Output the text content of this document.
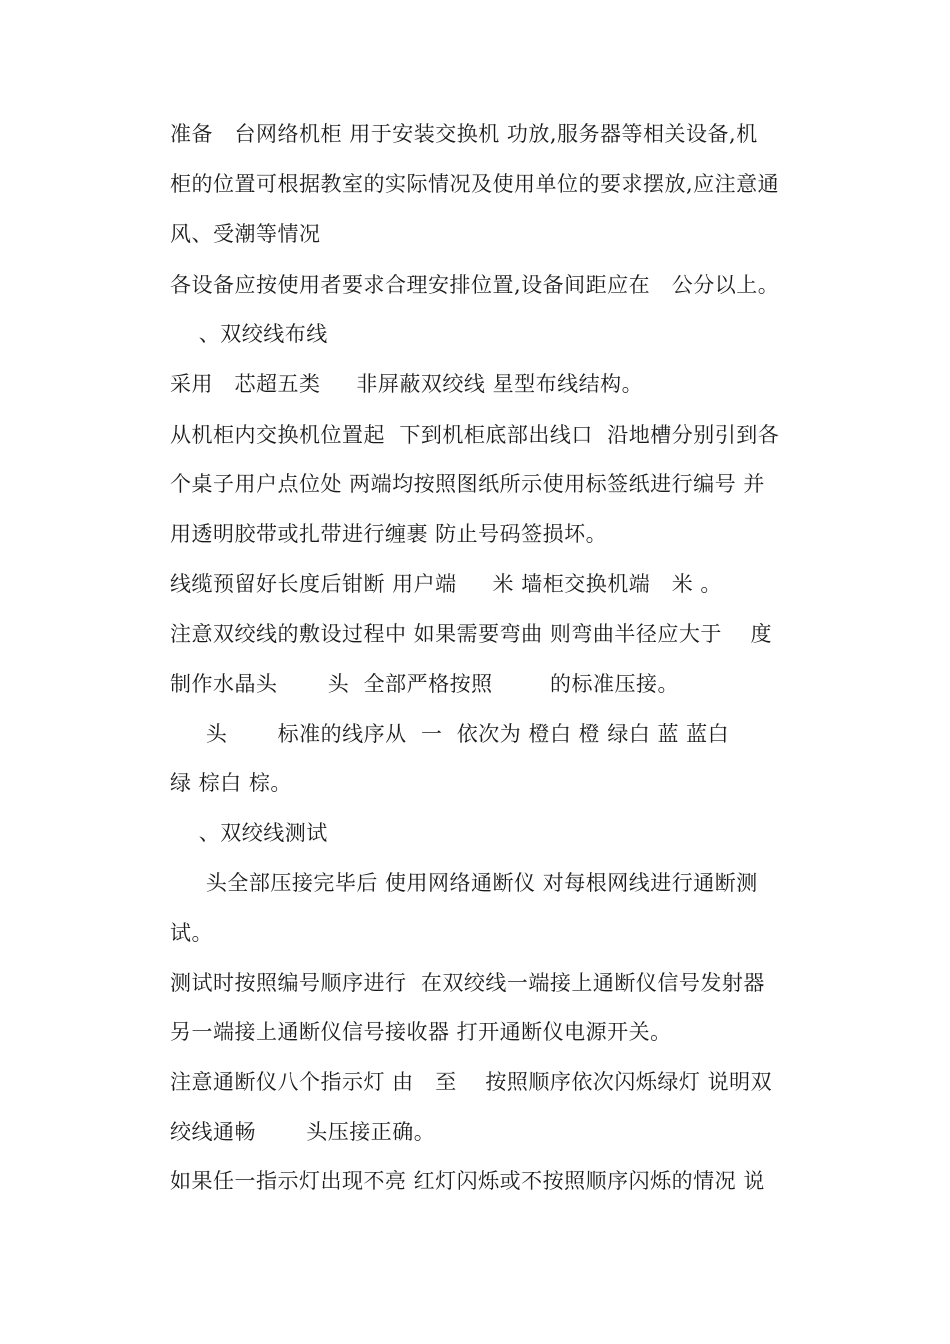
准备   台网络机柜 用于安装交换机 功放,服务器等相关设备,机
柜的位置可根据教室的实际情况及使用单位的要求摆放,应注意通
风、受潮等情况
各设备应按使用者要求合理安排位置,设备间距应在   公分以上。
、双绞线布线
采用   芯超五类     非屏蔽双绞线 星型布线结构。
从机柜内交换机位置起  下到机柜底部出线口  沿地槽分别引到各
个桌子用户点位处 两端均按照图纸所示使用标签纸进行编号 并
用透明胶带或扎带进行缠裹 防止号码签损坏。
线缆预留好长度后钳断 用户端     米 墙柜交换机端   米 。
注意双绞线的敷设过程中 如果需要弯曲 则弯曲半径应大于    度
制作水晶头       头  全部严格按照        的标准压接。
头       标准的线序从  一  依次为 橙白 橙 绿白 蓝 蓝白
绿 棕白 棕。
、双绞线测试
头全部压接完毕后 使用网络通断仪 对每根网线进行通断测
试。
测试时按照编号顺序进行  在双绞线一端接上通断仪信号发射器
另一端接上通断仪信号接收器 打开通断仪电源开关。
注意通断仪八个指示灯 由   至    按照顺序依次闪烁绿灯 说明双
绞线通畅       头压接正确。
如果任一指示灯出现不亮 红灯闪烁或不按照顺序闪烁的情况 说
